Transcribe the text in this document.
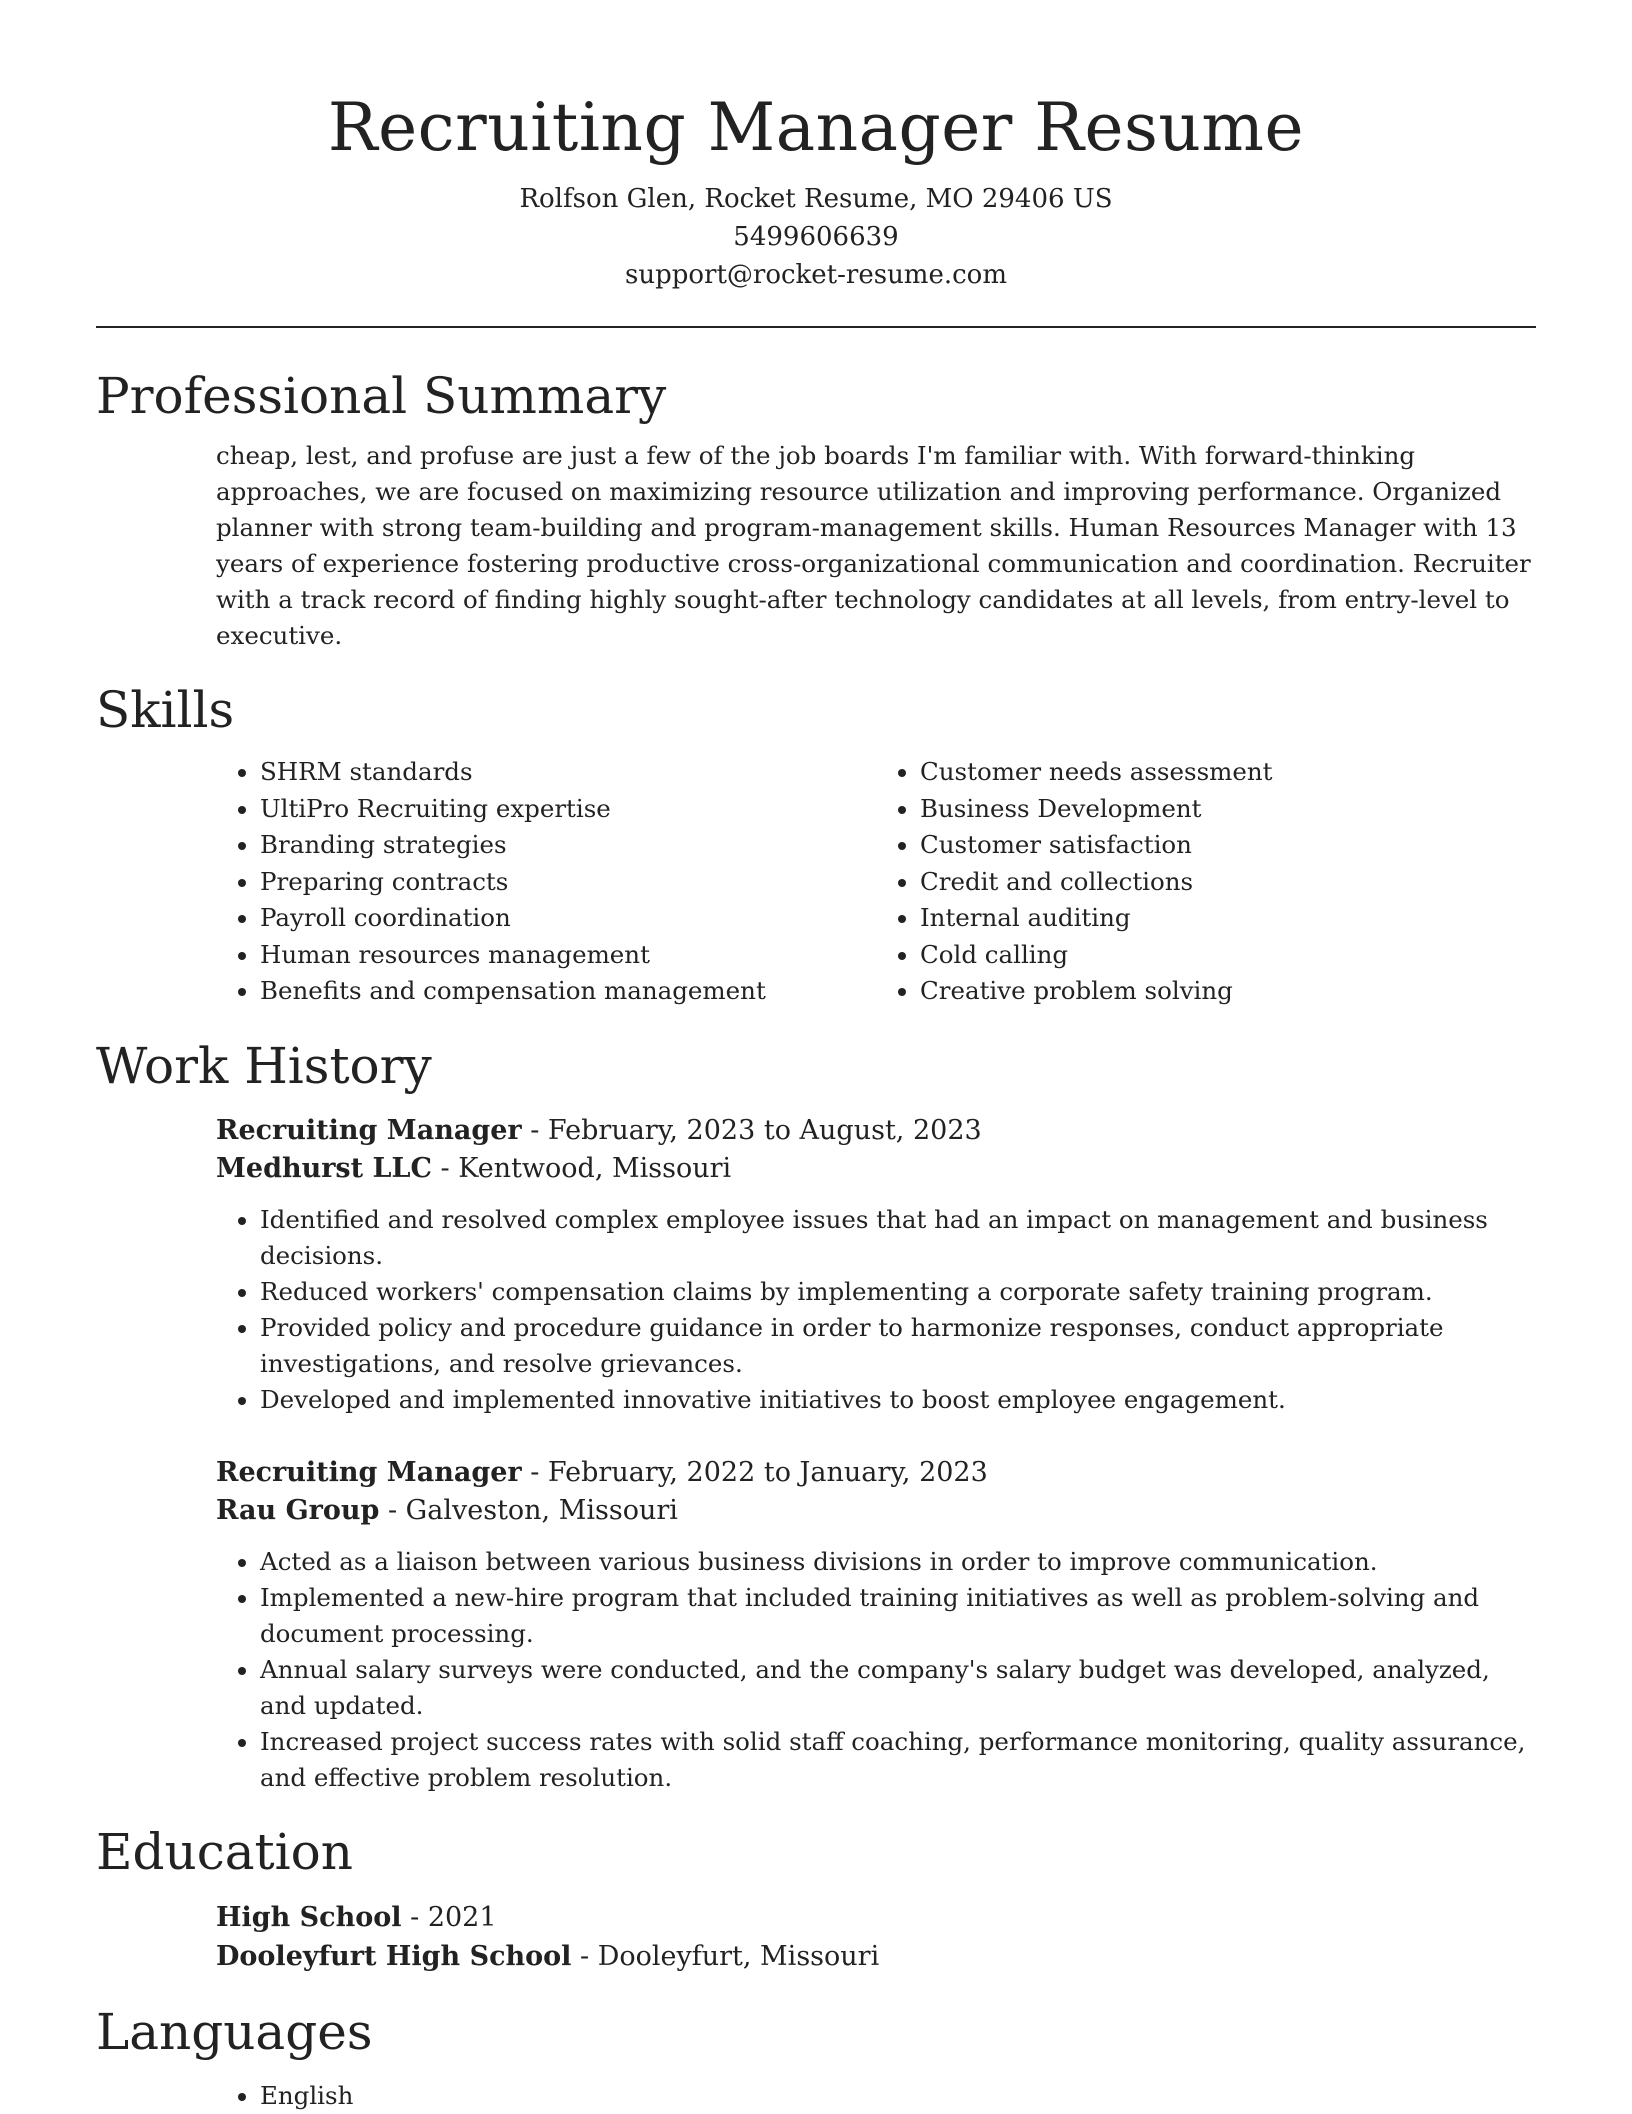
Recruiting Manager Resume

Rolfson Glen, Rocket Resume, MO 29406 US

5499606639

support@rocket-resume.com

Professional Summary

cheap, lest, and profuse are just a few of the job boards I'm familiar with. With forward-thinking approaches, we are focused on maximizing resource utilization and improving performance. Organized planner with strong team-building and program-management skills. Human Resources Manager with 13 years of experience fostering productive cross-organizational communication and coordination. Recruiter with a track record of finding highly sought-after technology candidates at all levels, from entry-level to executive.

Skills
• SHRM standards
• UltiPro Recruiting expertise
• Branding strategies
• Preparing contracts
• Payroll coordination
• Human resources management
• Benefits and compensation management
• Customer needs assessment
• Business Development
• Customer satisfaction
• Credit and collections
• Internal auditing
• Cold calling
• Creative problem solving
Work History

Recruiting Manager - February, 2023 to August, 2023

Medhurst LLC - Kentwood, Missouri

• Identified and resolved complex employee issues that had an impact on management and business decisions.
• Reduced workers' compensation claims by implementing a corporate safety training program.
• Provided policy and procedure guidance in order to harmonize responses, conduct appropriate investigations, and resolve grievances.
• Developed and implemented innovative initiatives to boost employee engagement.

Recruiting Manager - February, 2022 to January, 2023

Rau Group - Galveston, Missouri

• Acted as a liaison between various business divisions in order to improve communication.
• Implemented a new-hire program that included training initiatives as well as problem-solving and document processing.
• Annual salary surveys were conducted, and the company's salary budget was developed, analyzed, and updated.
• Increased project success rates with solid staff coaching, performance monitoring, quality assurance, and effective problem resolution.
Education

High School - 2021

Dooleyfurt High School - Dooleyfurt, Missouri

Languages
• English
